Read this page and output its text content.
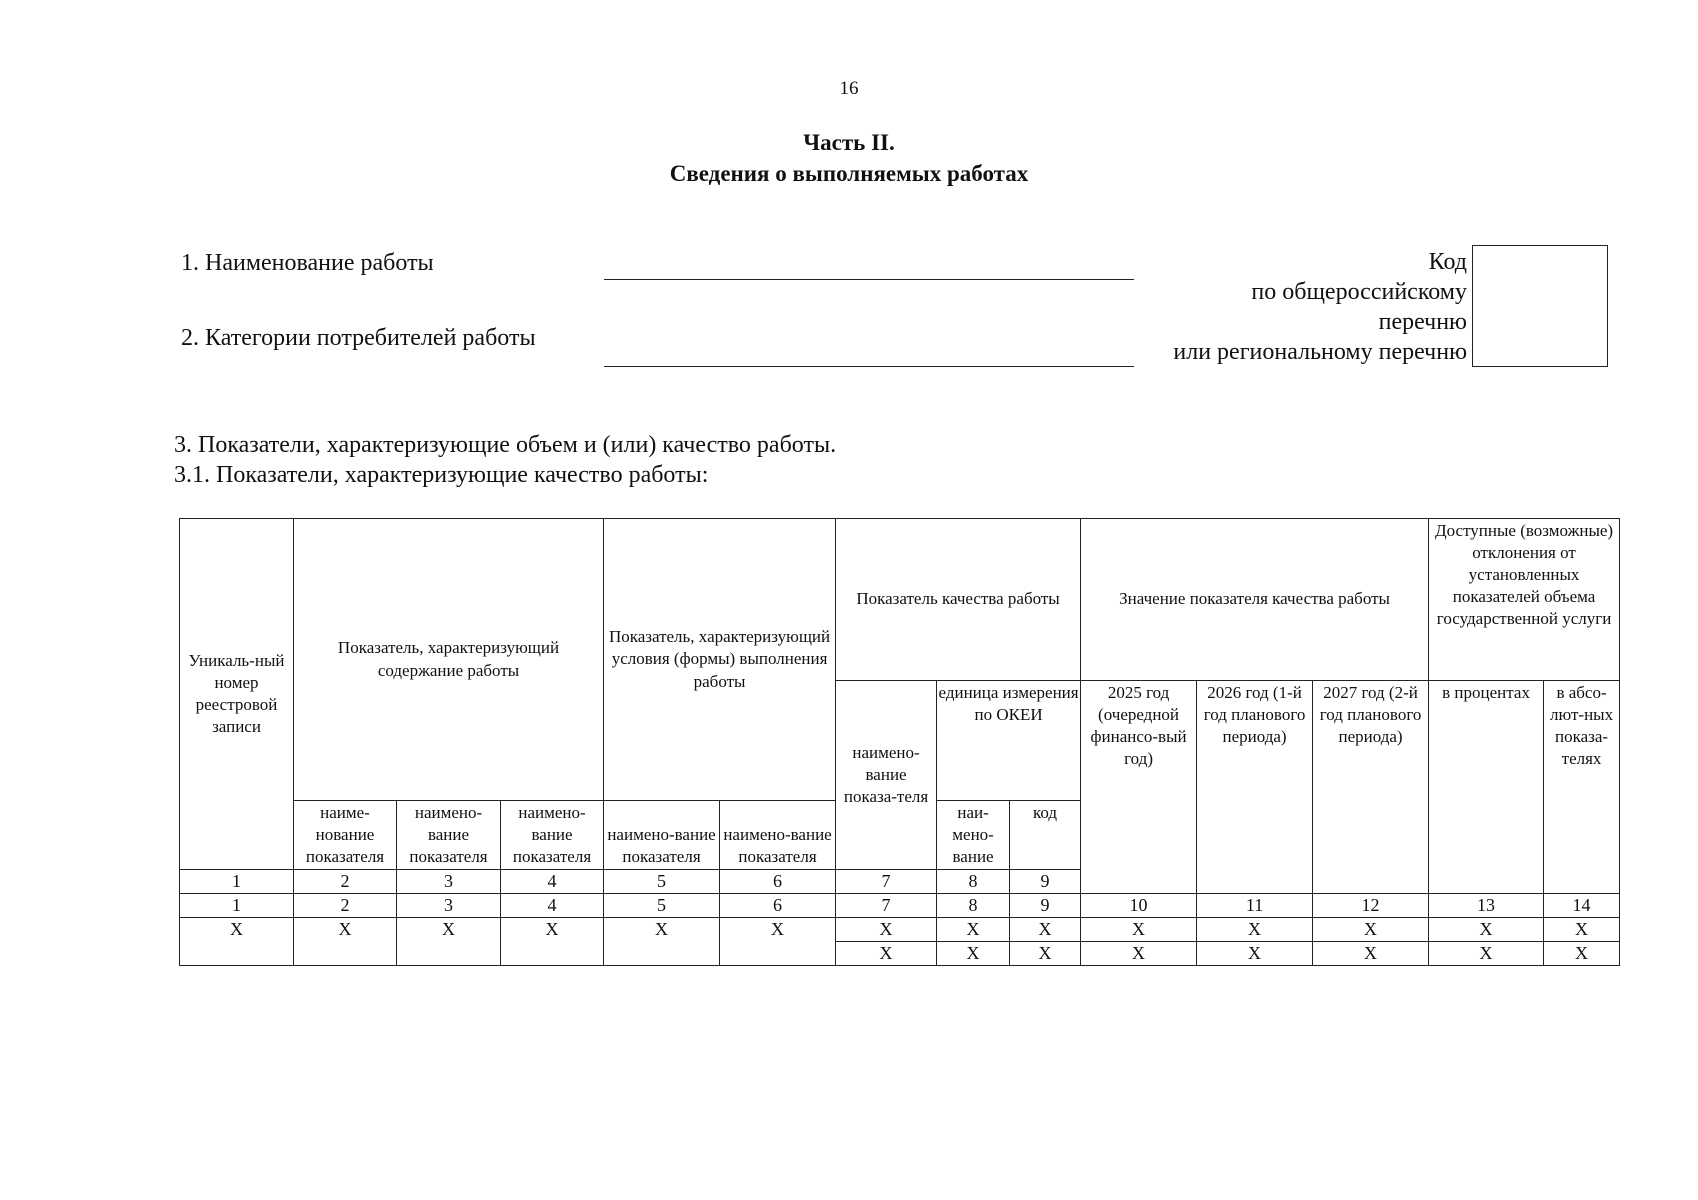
16
Часть II.
Сведения о выполняемых работах
1. Наименование работы
2. Категории потребителей работы
Код
по общероссийскому
перечню
или региональному перечню
3. Показатели, характеризующие объем и (или) качество работы.
3.1. Показатели, характеризующие качество работы:
Уникаль-ный номер реестровой записи	Показатель, характеризующий содержание работы			Показатель, характеризующий условия (формы) выполнения работы		Показатель качества работы			Значение показателя качества работы			Доступные (возможные) отклонения от установленных показателей объема государственной услуги		
						наимено-вание показа-теля	единица измерения по ОКЕИ		2025 год (очередной финансо-вый год)	2026 год (1-й год планового периода)	2027 год (2-й год планового периода)	в процентах	в абсо-лют-ных показа-телях	
	наиме-нование показателя	наимено-вание показателя	наимено-вание показателя	наимено-вание показателя	наимено-вание показателя		наи-мено-вание	код						
1	2	3	4	5	6	7	8	9					
1	2	3	4	5	6	7	8	9	10	11	12	13	14	
X	X	X	X	X	X	X	X	X	X	X	X	X	X	
						X	X	X	X	X	X	X	X	
